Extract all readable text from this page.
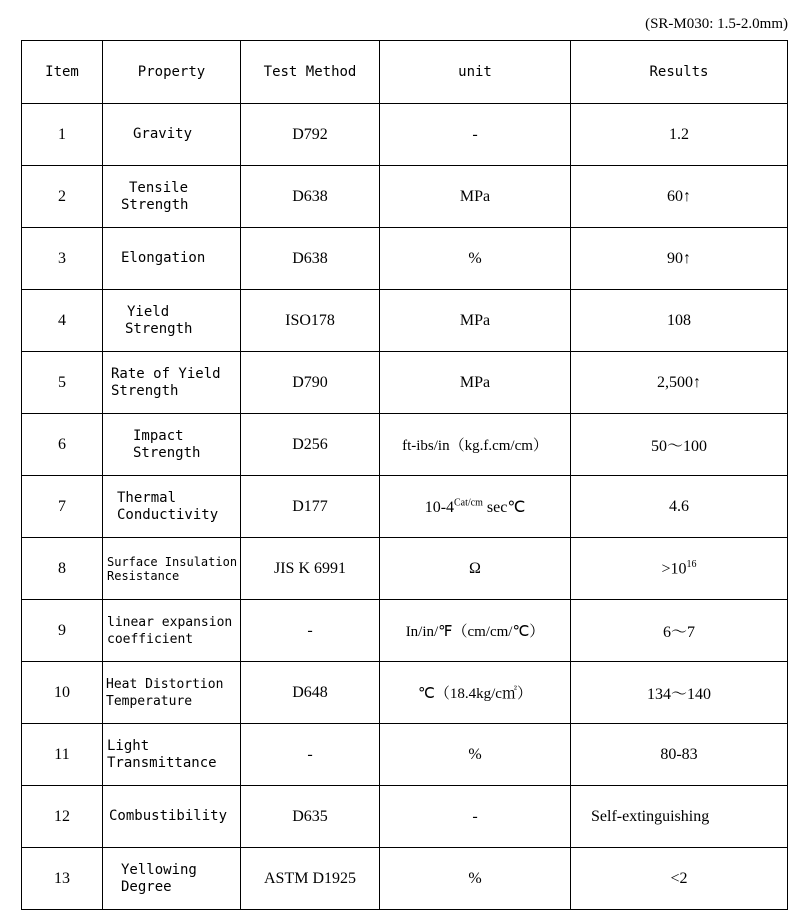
(SR-M030: 1.5-2.0mm)
Item	Property	Test Method	unit	Results
1	Gravity	D792	-	1.2
2	Tensile
Strength	D638	MPa	60↑
3	Elongation	D638	%	90↑
4	Yield
Strength	ISO178	MPa	108
5	Rate of Yield
Strength	D790	MPa	2,500↑
6	Impact
Strength	D256	ft-ibs/in（kg.f.cm/cm）	50～100
7	Thermal
Conductivity	D177	$10-4^{Cat/cm}$ sec℃	4.6
8	Surface Insulation
Resistance	JIS K 6991	Ω	$>10^{16}$
9	linear expansion
coefficient	-	In/in/℉（cm/cm/℃）	6～7
10	Heat Distortion
Temperature	D648	℃（18.4kg/c㎡）	134～140
11	Light
Transmittance	-	%	80-83
12	Combustibility	D635	-	Self-extinguishing
13	Yellowing
Degree	ASTM D1925	%	<2
